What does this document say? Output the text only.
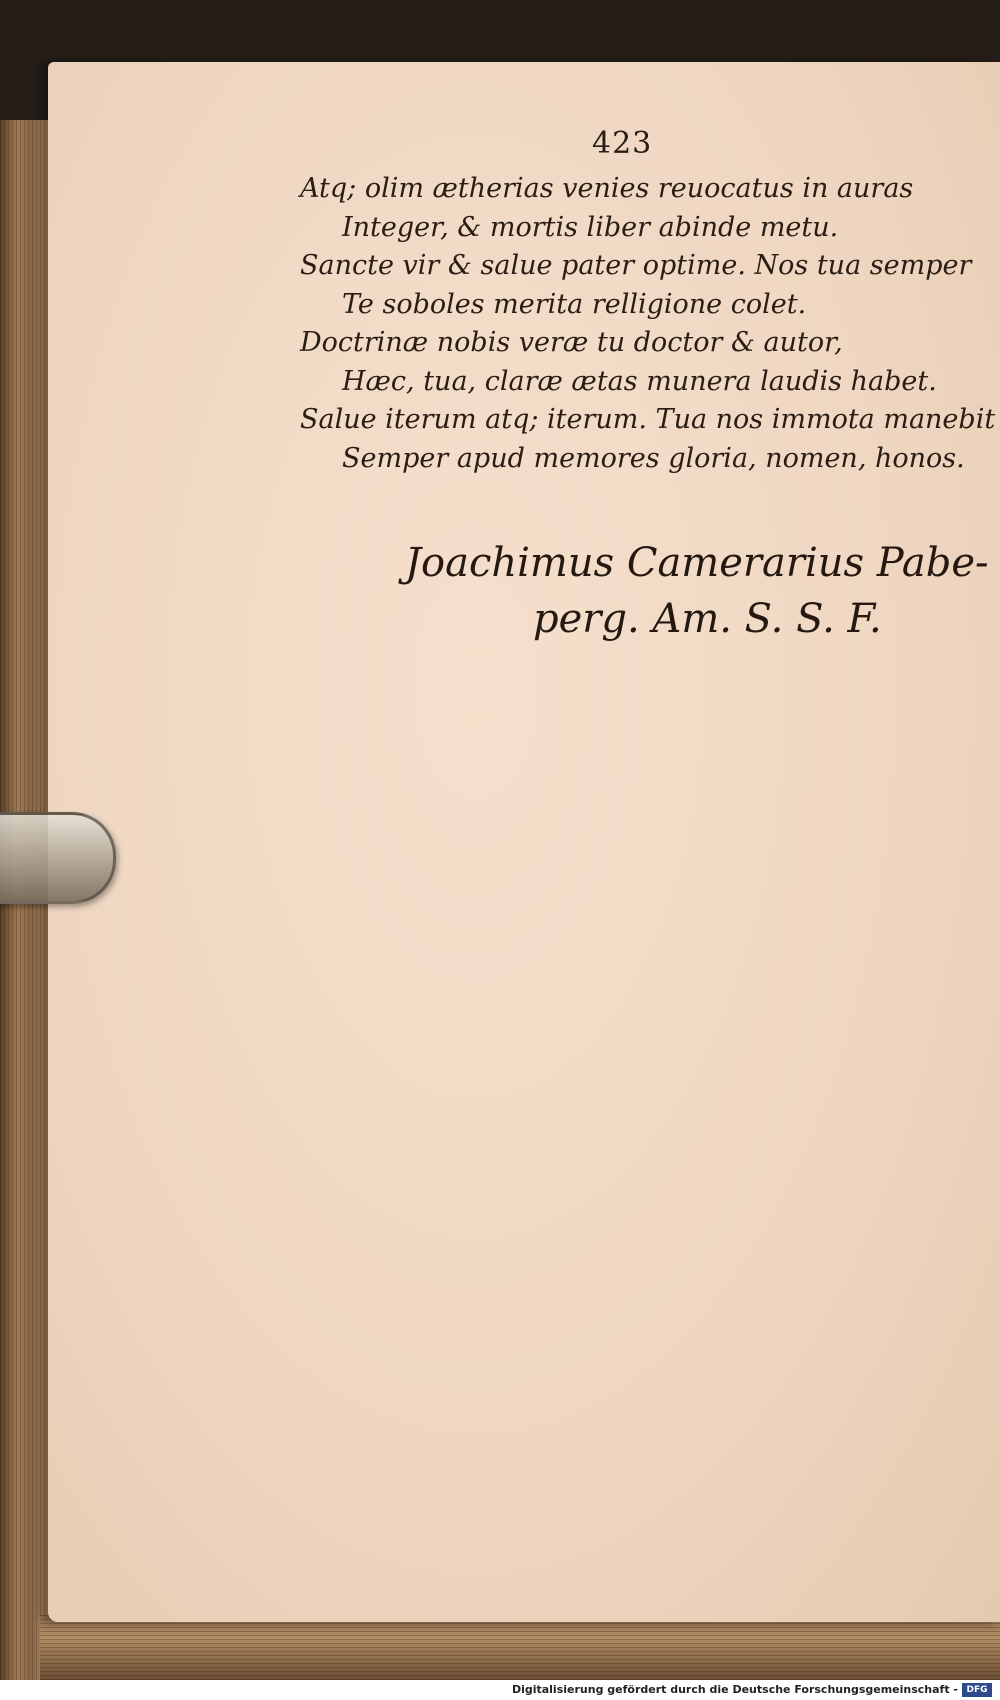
423
Atq; olim ætherias venies reuocatus in auras
Integer, & mortis liber abinde metu.
Sancte vir & salue pater optime. Nos tua semper
Te soboles merita relligione colet.
Doctrinæ nobis veræ tu doctor & autor,
Hæc, tua, claræ ætas munera laudis habet.
Salue iterum atq; iterum. Tua nos immota manebit
Semper apud memores gloria, nomen, honos.
Joachimus Camerarius Pabe-
perg. Am. S. S. F.
Digitalisierung gefördert durch die Deutsche Forschungsgemeinschaft - DFG
